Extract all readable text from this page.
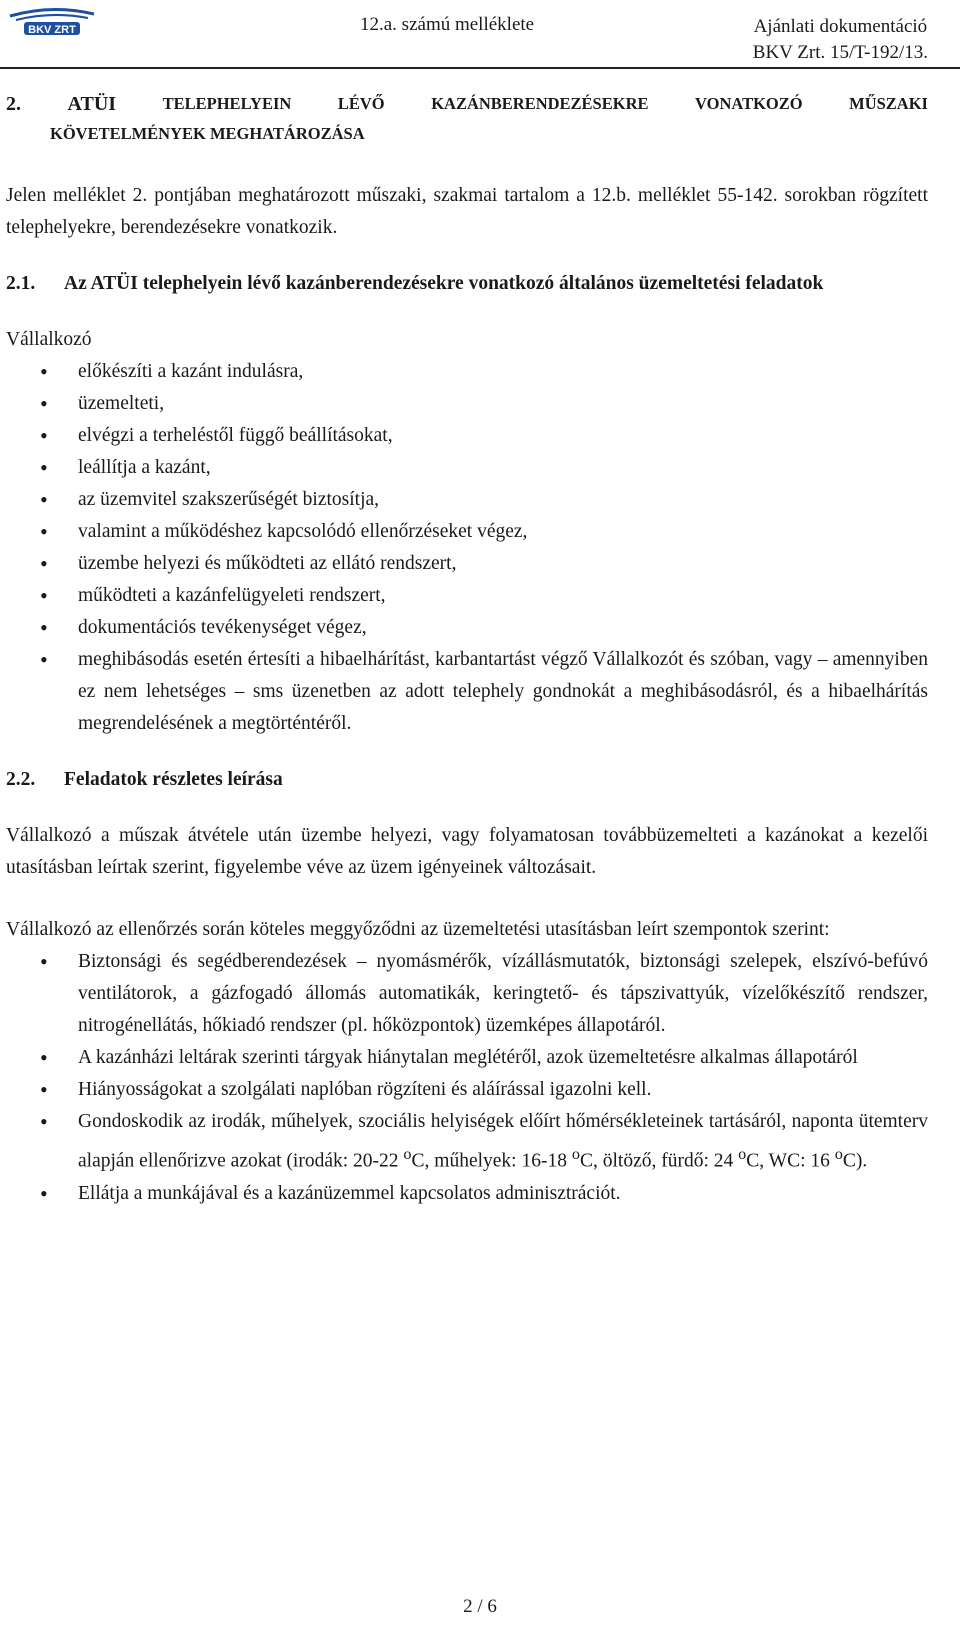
BKV ZRT	12.a. számú melléklete	Ajánlati dokumentáció
BKV Zrt. 15/T-192/13.
2. ATÜI	TELEPHELYEIN	LÉVŐ	KAZÁNBERENDEZÉSEKRE	VONATKOZÓ	MŰSZAKI
KÖVETELMÉNYEK MEGHATÁROZÁSA

Jelen melléklet 2. pontjában meghatározott műszaki, szakmai tartalom a 12.b. melléklet 55-142. sorokban rögzített telephelyekre, berendezésekre vonatkozik.

2.1.	Az ATÜI telephelyein lévő kazánberendezésekre vonatkozó általános üzemeltetési feladatok

Vállalkozó

• előkészíti a kazánt indulásra,
• üzemelteti,
• elvégzi a terheléstől függő beállításokat,
• leállítja a kazánt,
• az üzemvitel szakszerűségét biztosítja,
• valamint a működéshez kapcsolódó ellenőrzéseket végez,
• üzembe helyezi és működteti az ellátó rendszert,
• működteti a kazánfelügyeleti rendszert,
• dokumentációs tevékenységet végez,
• meghibásodás esetén értesíti a hibaelhárítást, karbantartást végző Vállalkozót és szóban, vagy – amennyiben ez nem lehetséges – sms üzenetben az adott telephely gondnokát a meghibásodásról, és a hibaelhárítás megrendelésének a megtörténtéről.
2.2.	Feladatok részletes leírása

Vállalkozó a műszak átvétele után üzembe helyezi, vagy folyamatosan továbbüzemelteti a kazánokat a kezelői utasításban leírtak szerint, figyelembe véve az üzem igényeinek változásait.

Vállalkozó az ellenőrzés során köteles meggyőződni az üzemeltetési utasításban leírt szempontok szerint:

• Biztonsági és segédberendezések – nyomásmérők, vízállásmutatók, biztonsági szelepek, elszívó-befúvó ventilátorok, a gázfogadó állomás automatikák, keringtető- és tápszivattyúk, vízelőkészítő rendszer, nitrogénellátás, hőkiadó rendszer (pl. hőközpontok) üzemképes állapotáról.
• A kazánházi leltárak szerinti tárgyak hiánytalan meglétéről, azok üzemeltetésre alkalmas állapotáról
• Hiányosságokat a szolgálati naplóban rögzíteni és aláírással igazolni kell.
• Gondoskodik az irodák, műhelyek, szociális helyiségek előírt hőmérsékleteinek tartásáról, naponta ütemterv alapján ellenőrizve azokat (irodák: 20-22 $^o$C, műhelyek: 16-18 $^o$C, öltöző, fürdő: 24 $^o$C, WC: 16 $^o$C).
• Ellátja a munkájával és a kazánüzemmel kapcsolatos adminisztrációt.
2 / 6
